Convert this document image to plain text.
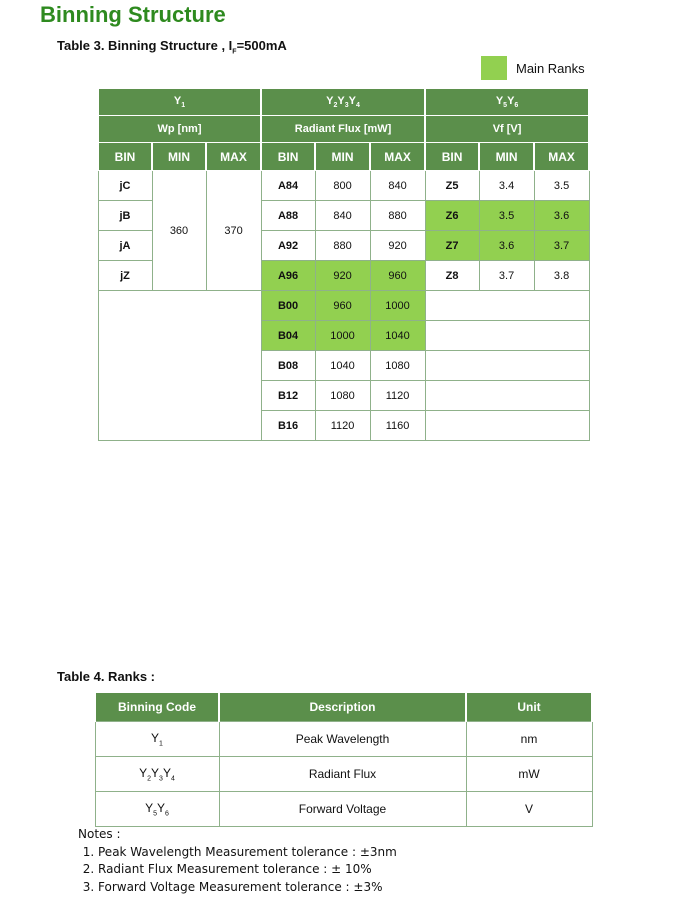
Binning Structure
Table 3. Binning Structure , $I_F=500mA$
Main Ranks
$Y_1$			$Y_2Y_3Y_4$			$Y_5Y_6$
Wp [nm]			Radiant Flux [mW]			Vf [V]		
BIN	MIN	MAX	BIN	MIN	MAX	BIN	MIN	MAX
jC	360	370	A84	800	840	Z5	3.4	3.5
jB			A88	840	880	Z6	3.5	3.6
jA			A92	880	920	Z7	3.6	3.7
jZ			A96	920	960	Z8	3.7	3.8
			B00	960	1000			
			B04	1000	1040			
			B08	1040	1080			
			B12	1080	1120			
			B16	1120	1160			
Table 4. Ranks :
Binning Code	Description	Unit
$Y_1$	Peak Wavelength	nm
$Y_2Y_3Y_4$	Radiant Flux	mW
$Y_5Y_6$	Forward Voltage	V
Notes :
1. Peak Wavelength Measurement tolerance : ±3nm
2. Radiant Flux Measurement tolerance : ± 10%
3. Forward Voltage Measurement tolerance : ±3%
